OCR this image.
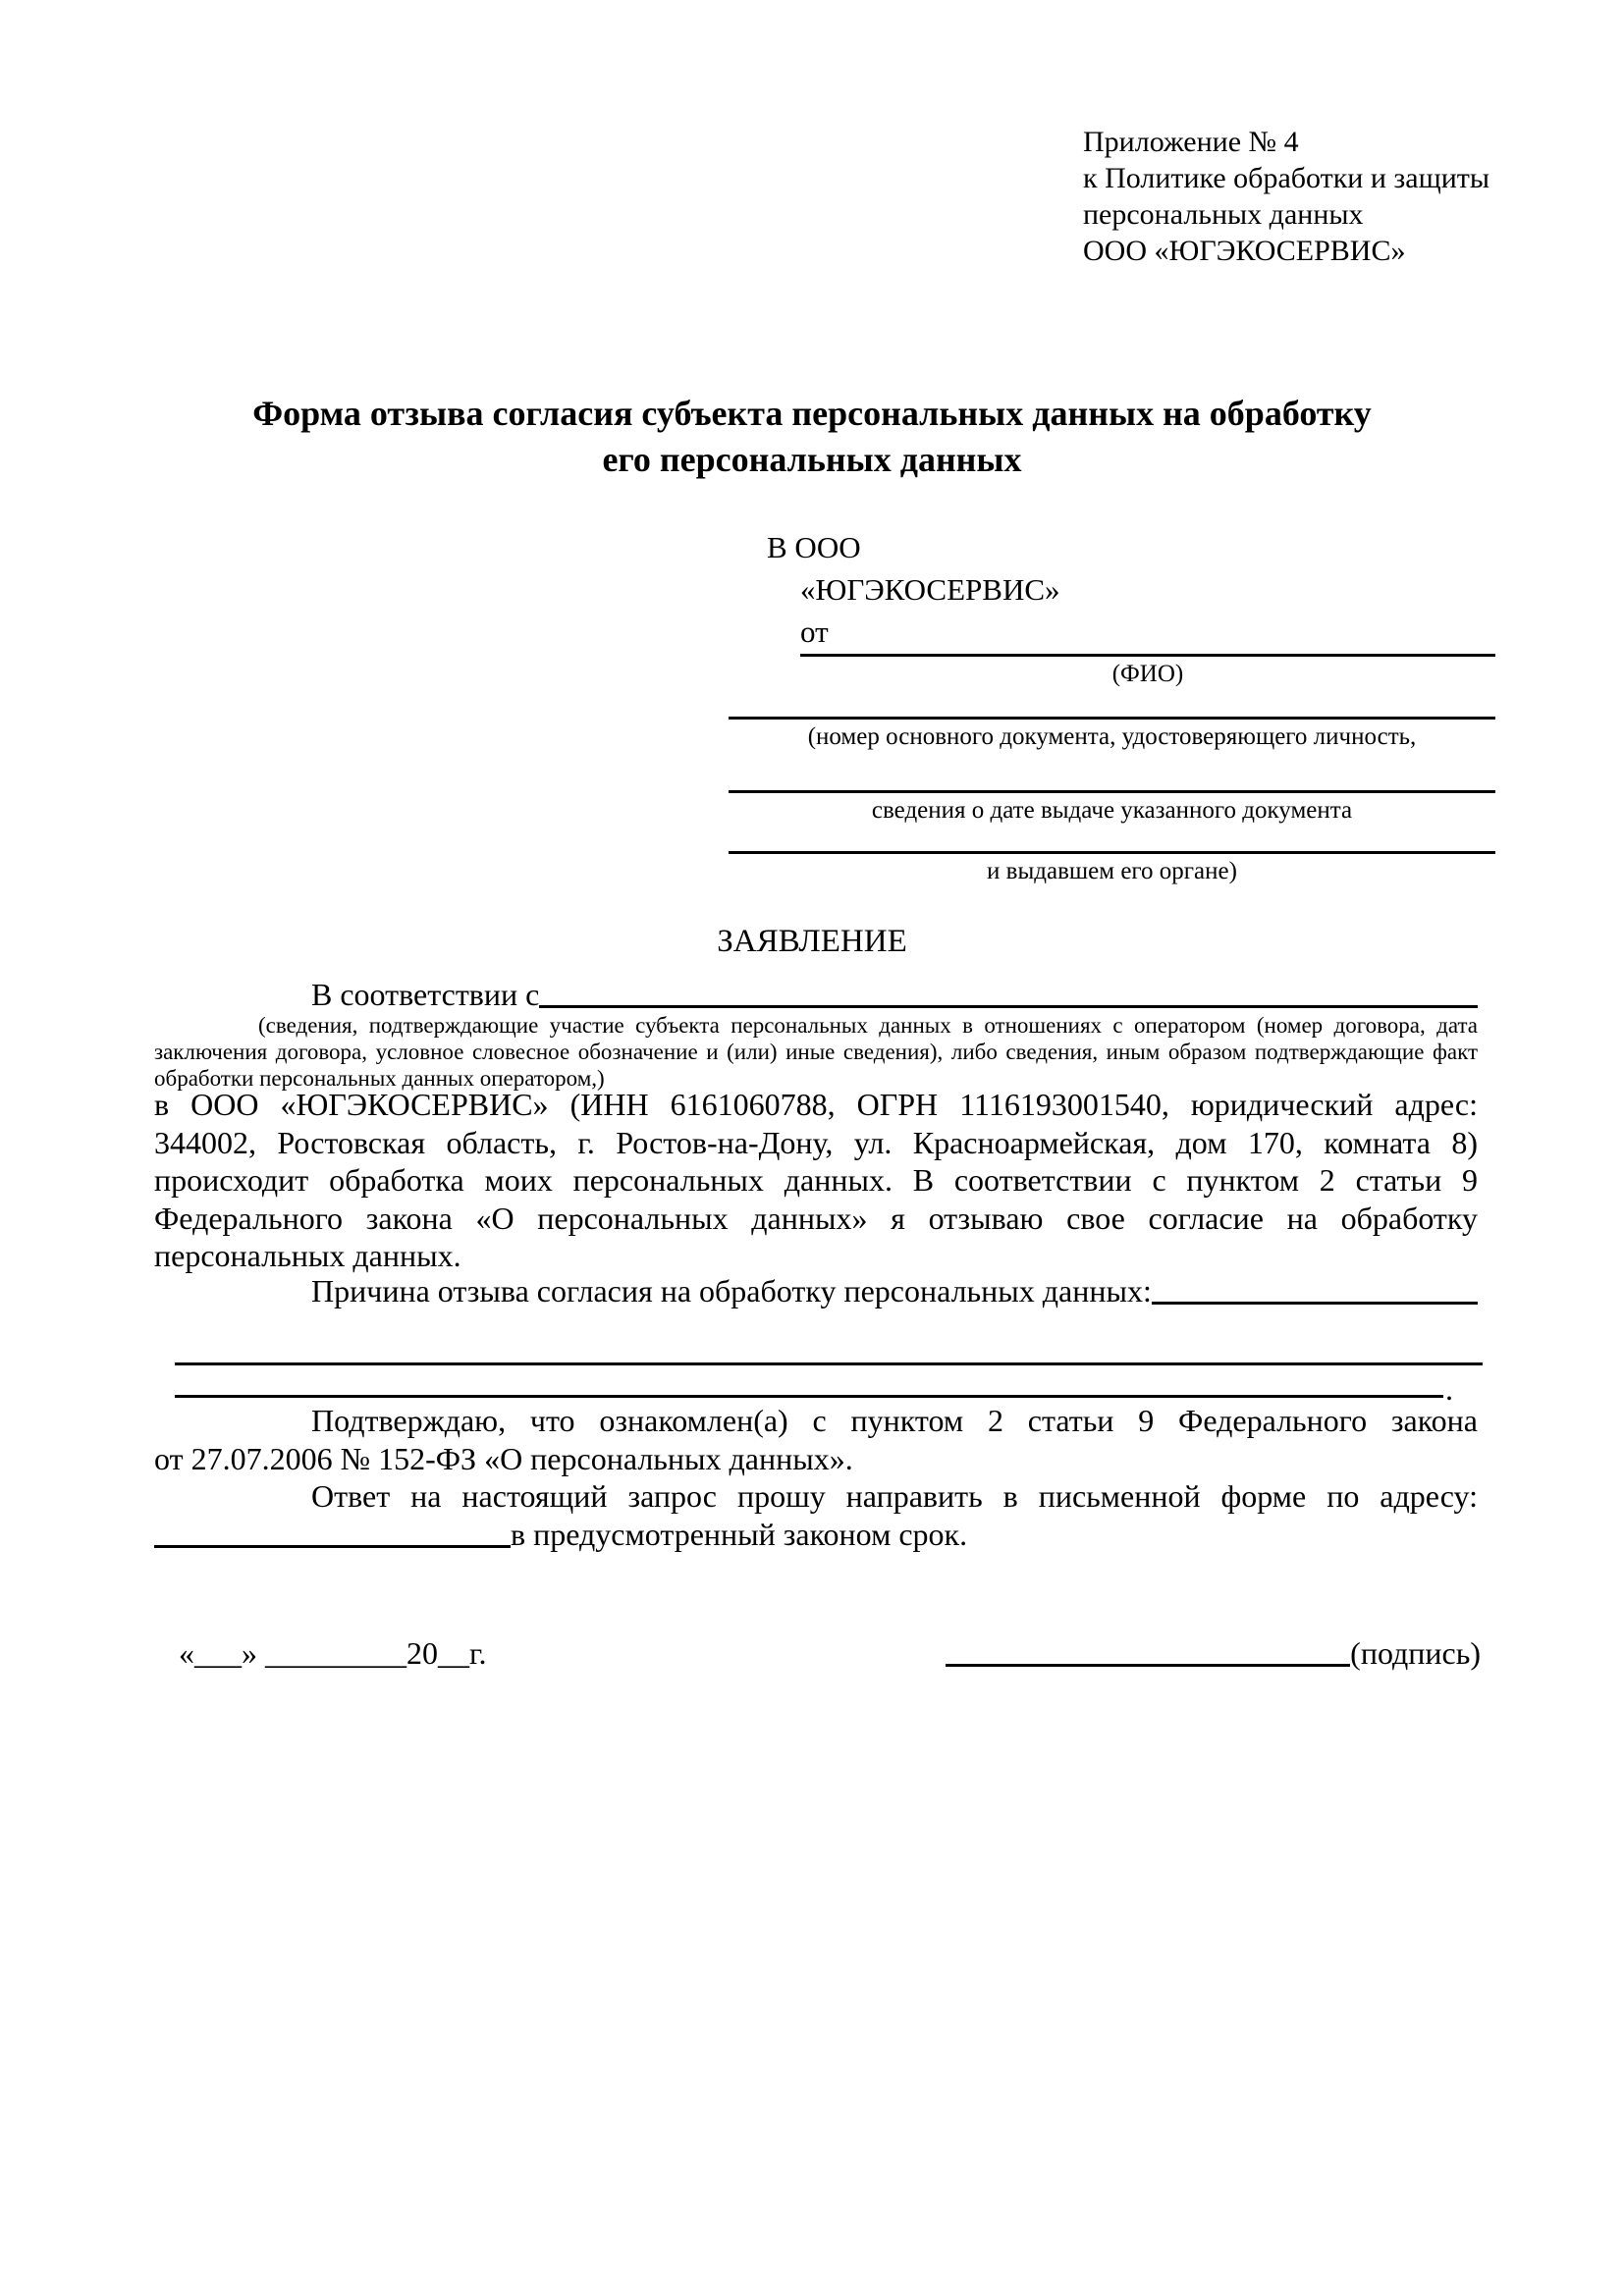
Приложение № 4
к Политике обработки и защиты
персональных данных
ООО «ЮГЭКОСЕРВИС»
Форма отзыва согласия субъекта персональных данных на обработку
его персональных данных
В ООО
«ЮГЭКОСЕРВИС»
от
(ФИО)
(номер основного документа, удостоверяющего личность,
сведения о дате выдаче указанного документа
и выдавшем его органе)
ЗАЯВЛЕНИЕ
В соответствии с
(сведения, подтверждающие участие субъекта персональных данных в отношениях с оператором (номер договора, дата
заключения договора, условное словесное обозначение и (или) иные сведения), либо сведения, иным образом подтверждающие факт
обработки персональных данных оператором,)
в ООО «ЮГЭКОСЕРВИС» (ИНН 6161060788, ОГРН 1116193001540, юридический адрес:
344002, Ростовская область, г. Ростов-на-Дону, ул. Красноармейская, дом 170, комната 8)
происходит обработка моих персональных данных. В соответствии с пунктом 2 статьи 9
Федерального закона «О персональных данных» я отзываю свое согласие на обработку
персональных данных.
Причина отзыва согласия на обработку персональных данных:
.
Подтверждаю, что ознакомлен(а) с пунктом 2 статьи 9 Федерального закона
от 27.07.2006 № 152-ФЗ «О персональных данных».
Ответ на настоящий запрос прошу направить в письменной форме по адресу:
в предусмотренный законом срок.
«___» _________20__г.	(подпись)
